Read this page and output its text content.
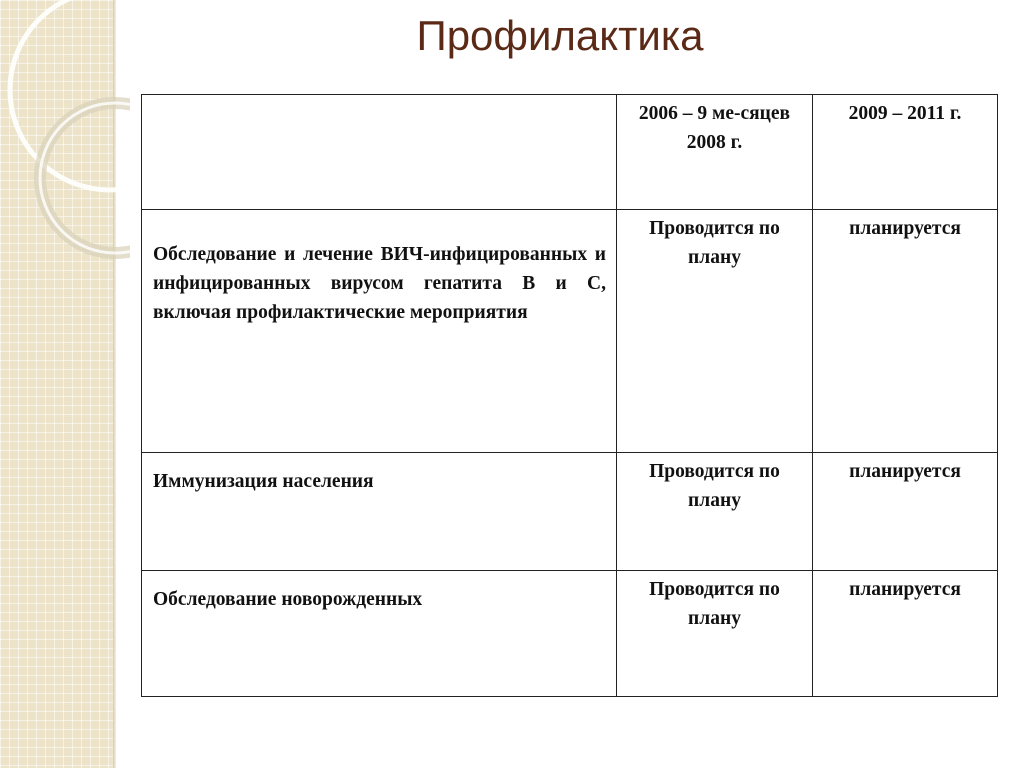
Профилактика
	2006 – 9 ме-сяцев 2008 г.	2009 – 2011 г.
Обследование и лечение ВИЧ-инфицированных и инфицированных вирусом гепатита В и С, включая профилактические мероприятия	Проводится по плану	планируется
Иммунизация населения	Проводится по плану	планируется
Обследование новорожденных	Проводится по плану	планируется
